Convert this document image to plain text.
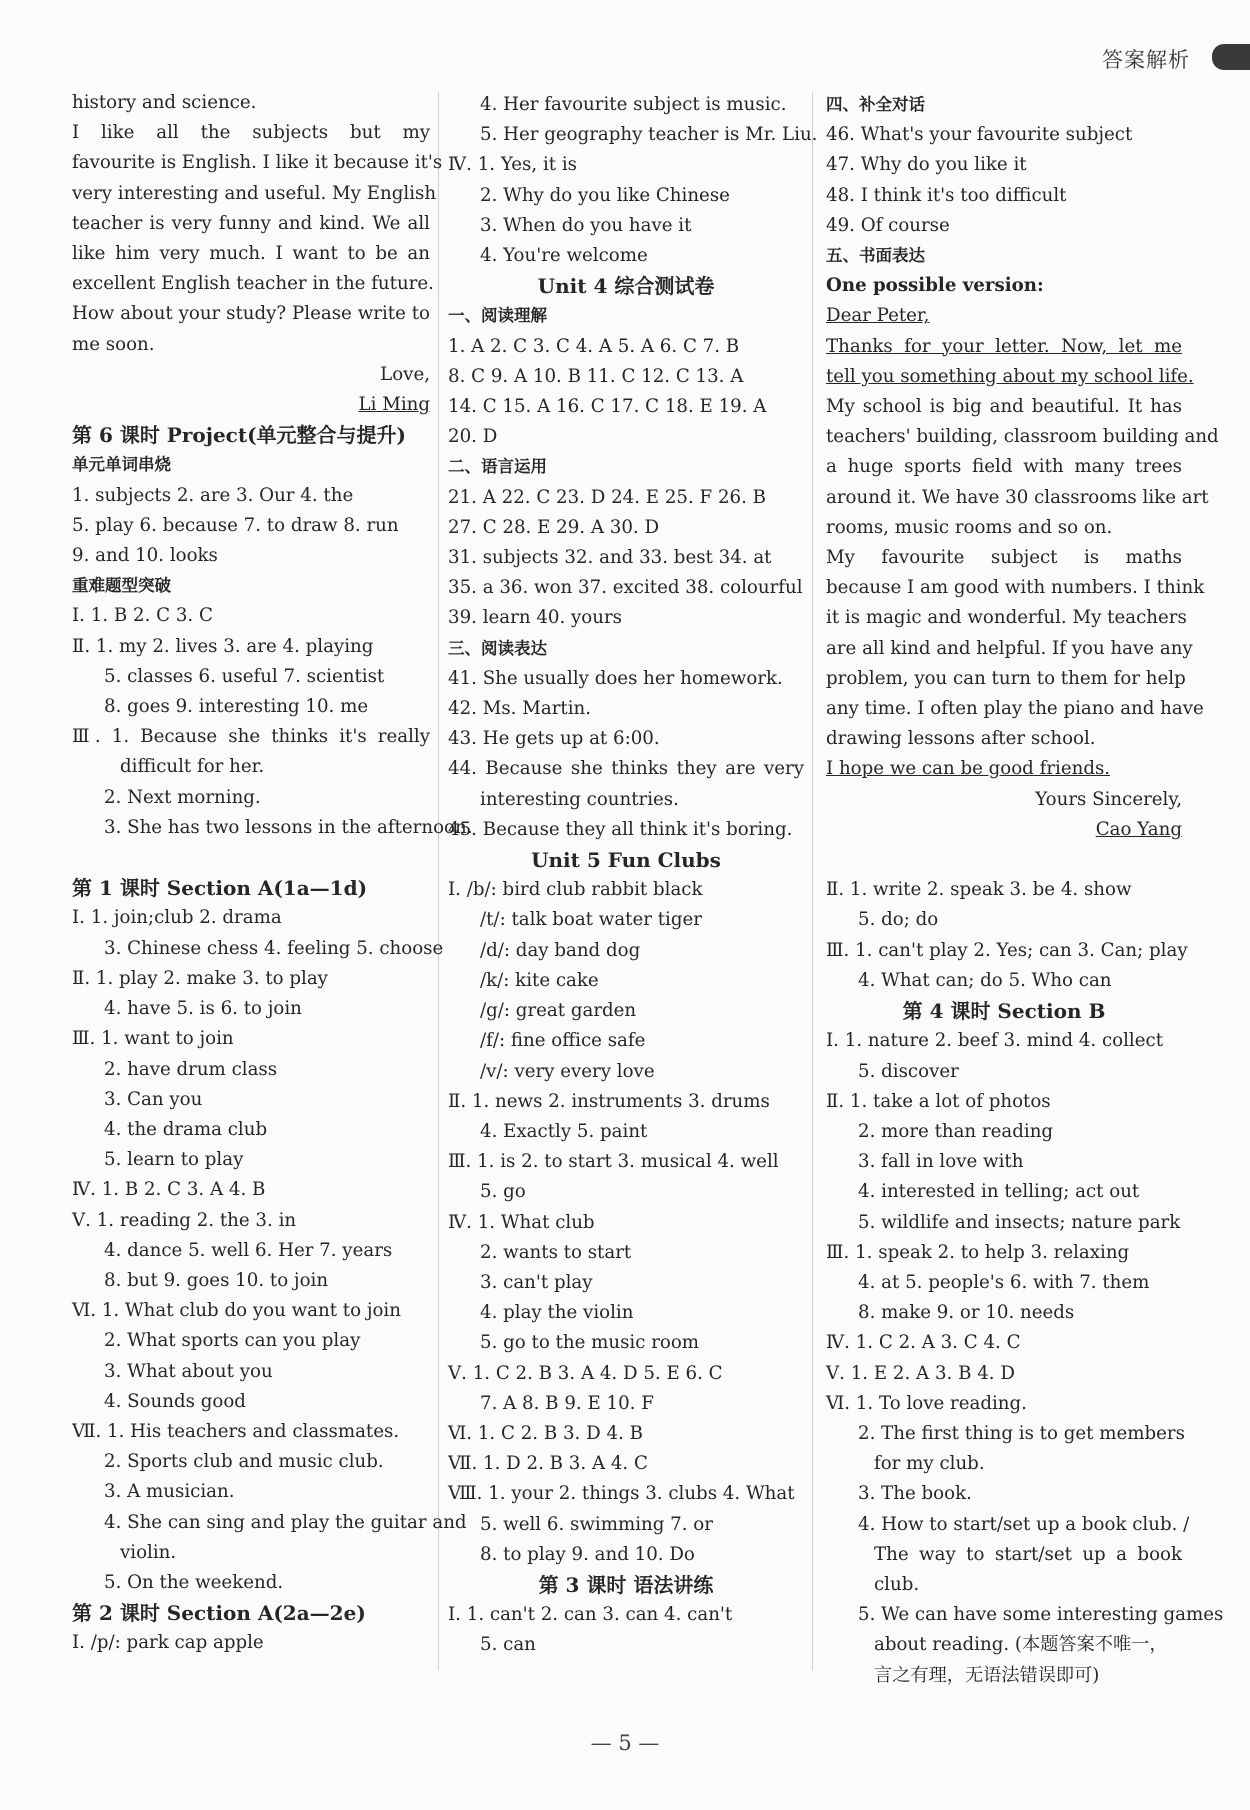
答案解析
history and science.
I like all the subjects but my
favourite is English. I like it because it's
very interesting and useful. My English
teacher is very funny and kind. We all
like him very much. I want to be an
excellent English teacher in the future.
How about your study? Please write to
me soon.
Love,
Li Ming
第 6 课时 Project(单元整合与提升)
单元单词串烧
1. subjects 2. are 3. Our 4. the
5. play 6. because 7. to draw 8. run
9. and 10. looks
重难题型突破
Ⅰ. 1. B 2. C 3. C
Ⅱ. 1. my 2. lives 3. are 4. playing
5. classes 6. useful 7. scientist
8. goes 9. interesting 10. me
Ⅲ. 1. Because she thinks it's really
difficult for her.
2. Next morning.
3. She has two lessons in the afternoon.

第 1 课时 Section A(1a—1d)
Ⅰ. 1. join;club 2. drama
3. Chinese chess 4. feeling 5. choose
Ⅱ. 1. play 2. make 3. to play
4. have 5. is 6. to join
Ⅲ. 1. want to join
2. have drum class
3. Can you
4. the drama club
5. learn to play
Ⅳ. 1. B 2. C 3. A 4. B
Ⅴ. 1. reading 2. the 3. in
4. dance 5. well 6. Her 7. years
8. but 9. goes 10. to join
Ⅵ. 1. What club do you want to join
2. What sports can you play
3. What about you
4. Sounds good
Ⅶ. 1. His teachers and classmates.
2. Sports club and music club.
3. A musician.
4. She can sing and play the guitar and
violin.
5. On the weekend.
第 2 课时 Section A(2a—2e)
Ⅰ. /p/: park cap apple
4. Her favourite subject is music.
5. Her geography teacher is Mr. Liu.
Ⅳ. 1. Yes, it is
2. Why do you like Chinese
3. When do you have it
4. You're welcome
Unit 4 综合测试卷
一、阅读理解
1. A 2. C 3. C 4. A 5. A 6. C 7. B
8. C 9. A 10. B 11. C 12. C 13. A
14. C 15. A 16. C 17. C 18. E 19. A
20. D
二、语言运用
21. A 22. C 23. D 24. E 25. F 26. B
27. C 28. E 29. A 30. D
31. subjects 32. and 33. best 34. at
35. a 36. won 37. excited 38. colourful
39. learn 40. yours
三、阅读表达
41. She usually does her homework.
42. Ms. Martin.
43. He gets up at 6:00.
44. Because she thinks they are very
interesting countries.
45. Because they all think it's boring.
Unit 5 Fun Clubs
Ⅰ. /b/: bird club rabbit black
/t/: talk boat water tiger
/d/: day band dog
/k/: kite cake
/g/: great garden
/f/: fine office safe
/v/: very every love
Ⅱ. 1. news 2. instruments 3. drums
4. Exactly 5. paint
Ⅲ. 1. is 2. to start 3. musical 4. well
5. go
Ⅳ. 1. What club
2. wants to start
3. can't play
4. play the violin
5. go to the music room
Ⅴ. 1. C 2. B 3. A 4. D 5. E 6. C
7. A 8. B 9. E 10. F
Ⅵ. 1. C 2. B 3. D 4. B
Ⅶ. 1. D 2. B 3. A 4. C
Ⅷ. 1. your 2. things 3. clubs 4. What
5. well 6. swimming 7. or
8. to play 9. and 10. Do
第 3 课时 语法讲练
Ⅰ. 1. can't 2. can 3. can 4. can't
5. can
四、补全对话
46. What's your favourite subject
47. Why do you like it
48. I think it's too difficult
49. Of course
五、书面表达
One possible version:
Dear Peter,
Thanks for your letter. Now, let me
tell you something about my school life.
My school is big and beautiful. It has
teachers' building, classroom building and
a huge sports field with many trees
around it. We have 30 classrooms like art
rooms, music rooms and so on.
My favourite subject is maths
because I am good with numbers. I think
it is magic and wonderful. My teachers
are all kind and helpful. If you have any
problem, you can turn to them for help
any time. I often play the piano and have
drawing lessons after school.
I hope we can be good friends.
Yours Sincerely,
Cao Yang

Ⅱ. 1. write 2. speak 3. be 4. show
5. do; do
Ⅲ. 1. can't play 2. Yes; can 3. Can; play
4. What can; do 5. Who can
第 4 课时 Section B
Ⅰ. 1. nature 2. beef 3. mind 4. collect
5. discover
Ⅱ. 1. take a lot of photos
2. more than reading
3. fall in love with
4. interested in telling; act out
5. wildlife and insects; nature park
Ⅲ. 1. speak 2. to help 3. relaxing
4. at 5. people's 6. with 7. them
8. make 9. or 10. needs
Ⅳ. 1. C 2. A 3. C 4. C
Ⅴ. 1. E 2. A 3. B 4. D
Ⅵ. 1. To love reading.
2. The first thing is to get members
for my club.
3. The book.
4. How to start/set up a book club. /
The way to start/set up a book
club.
5. We can have some interesting games
about reading. (本题答案不唯一，
言之有理，无语法错误即可)
— 5 —
